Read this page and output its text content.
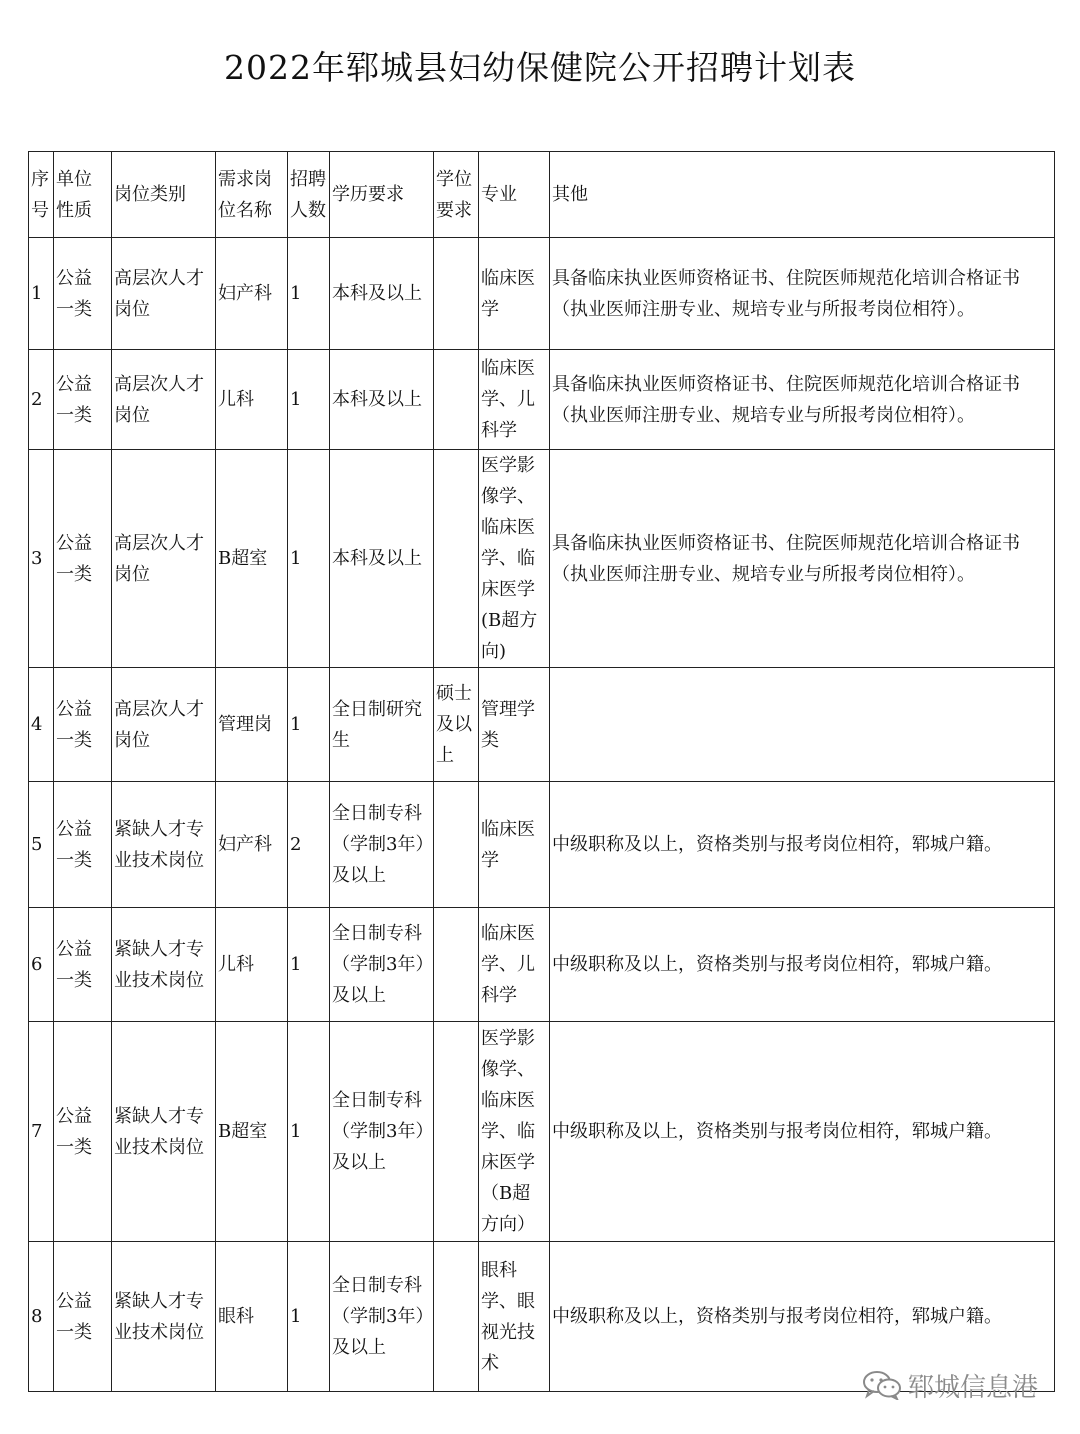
2022年郓城县妇幼保健院公开招聘计划表
序号	单位性质	岗位类别	需求岗位名称	招聘人数	学历要求	学位要求	专业	其他
1	公益一类	高层次人才岗位	妇产科	1	本科及以上		临床医学	具备临床执业医师资格证书、住院医师规范化培训合格证书（执业医师注册专业、规培专业与所报考岗位相符）。
2	公益一类	高层次人才岗位	儿科	1	本科及以上		临床医学、儿科学	具备临床执业医师资格证书、住院医师规范化培训合格证书（执业医师注册专业、规培专业与所报考岗位相符）。
3	公益一类	高层次人才岗位	B超室	1	本科及以上		医学影像学、临床医学、临床医学(B超方向)	具备临床执业医师资格证书、住院医师规范化培训合格证书（执业医师注册专业、规培专业与所报考岗位相符）。
4	公益一类	高层次人才岗位	管理岗	1	全日制研究生	硕士及以上	管理学类	
5	公益一类	紧缺人才专业技术岗位	妇产科	2	全日制专科（学制3年）及以上		临床医学	中级职称及以上，资格类别与报考岗位相符，郓城户籍。
6	公益一类	紧缺人才专业技术岗位	儿科	1	全日制专科（学制3年）及以上		临床医学、儿科学	中级职称及以上，资格类别与报考岗位相符，郓城户籍。
7	公益一类	紧缺人才专业技术岗位	B超室	1	全日制专科（学制3年）及以上		医学影像学、临床医学、临床医学（B超方向）	中级职称及以上，资格类别与报考岗位相符，郓城户籍。
8	公益一类	紧缺人才专业技术岗位	眼科	1	全日制专科（学制3年）及以上		眼科学、眼视光技术	中级职称及以上，资格类别与报考岗位相符，郓城户籍。
郓城信息港
